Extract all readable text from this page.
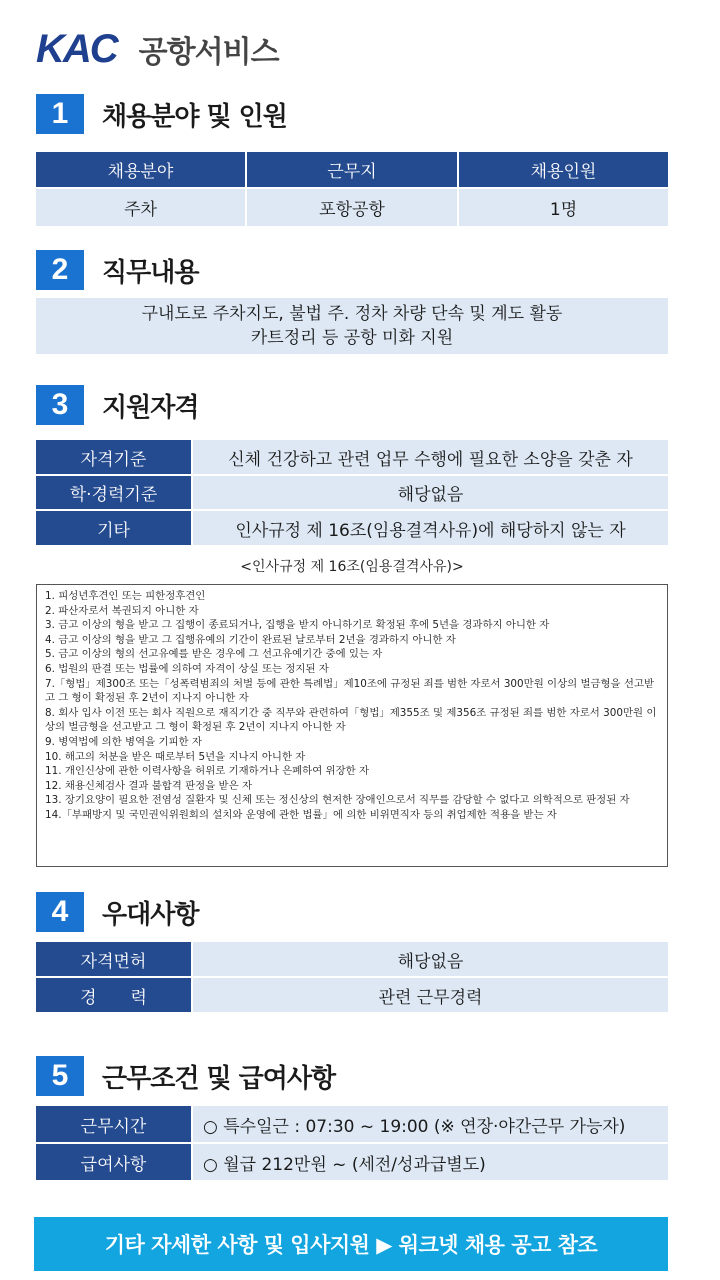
KAC 공항서비스
1	채용분야 및 인원
채용분야	근무지	채용인원
주차	포항공항	1명
2	직무내용
구내도로 주차지도, 불법 주. 정차 차량 단속 및 계도 활동
카트정리 등 공항 미화 지원
3	지원자격
자격기준	신체 건강하고 관련 업무 수행에 필요한 소양을 갖춘 자
학·경력기준	해당없음
기타	인사규정 제 16조(임용결격사유)에 해당하지 않는 자
<인사규정 제 16조(임용결격사유)>
1. 피성년후견인 또는 피한정후견인
2. 파산자로서 복권되지 아니한 자
3. 금고 이상의 형을 받고 그 집행이 종료되거나, 집행을 받지 아니하기로 확정된 후에 5년을 경과하지 아니한 자
4. 금고 이상의 형을 받고 그 집행유예의 기간이 완료된 날로부터 2년을 경과하지 아니한 자
5. 금고 이상의 형의 선고유예를 받은 경우에 그 선고유예기간 중에 있는 자
6. 법원의 판결 또는 법률에 의하여 자격이 상실 또는 정지된 자
7.「형법」제300조 또는「성폭력범죄의 처벌 등에 관한 특례법」제10조에 규정된 죄를 범한 자로서 300만원 이상의 벌금형을 선고받고 그 형이 확정된 후 2년이 지나지 아니한 자
8. 회사 입사 이전 또는 회사 직원으로 재직기간 중 직무와 관련하여「형법」제355조 및 제356조 규정된 죄를 범한 자로서 300만원 이상의 벌금형을 선고받고 그 형이 확정된 후 2년이 지나지 아니한 자
9. 병역법에 의한 병역을 기피한 자
10. 해고의 처분을 받은 때로부터 5년을 지나지 아니한 자
11. 개인신상에 관한 이력사항을 허위로 기재하거나 은폐하여 위장한 자
12. 채용신체검사 결과 불합격 판정을 받은 자
13. 장기요양이 필요한 전염성 질환자 및 신체 또는 정신상의 현저한 장애인으로서 직무를 감당할 수 없다고 의학적으로 판정된 자
14.「부패방지 및 국민권익위원회의 설치와 운영에 관한 법률」에 의한 비위면직자 등의 취업제한 적용을 받는 자
4	우대사항
자격면허	해당없음
경　　력	관련 근무경력
5	근무조건 및 급여사항
근무시간	○ 특수일근 : 07:30 ~ 19:00 (※ 연장·야간근무 가능자)
급여사항	○ 월급 212만원 ~ (세전/성과급별도)
기타 자세한 사항 및 입사지원 ▶ 워크넷 채용 공고 참조
